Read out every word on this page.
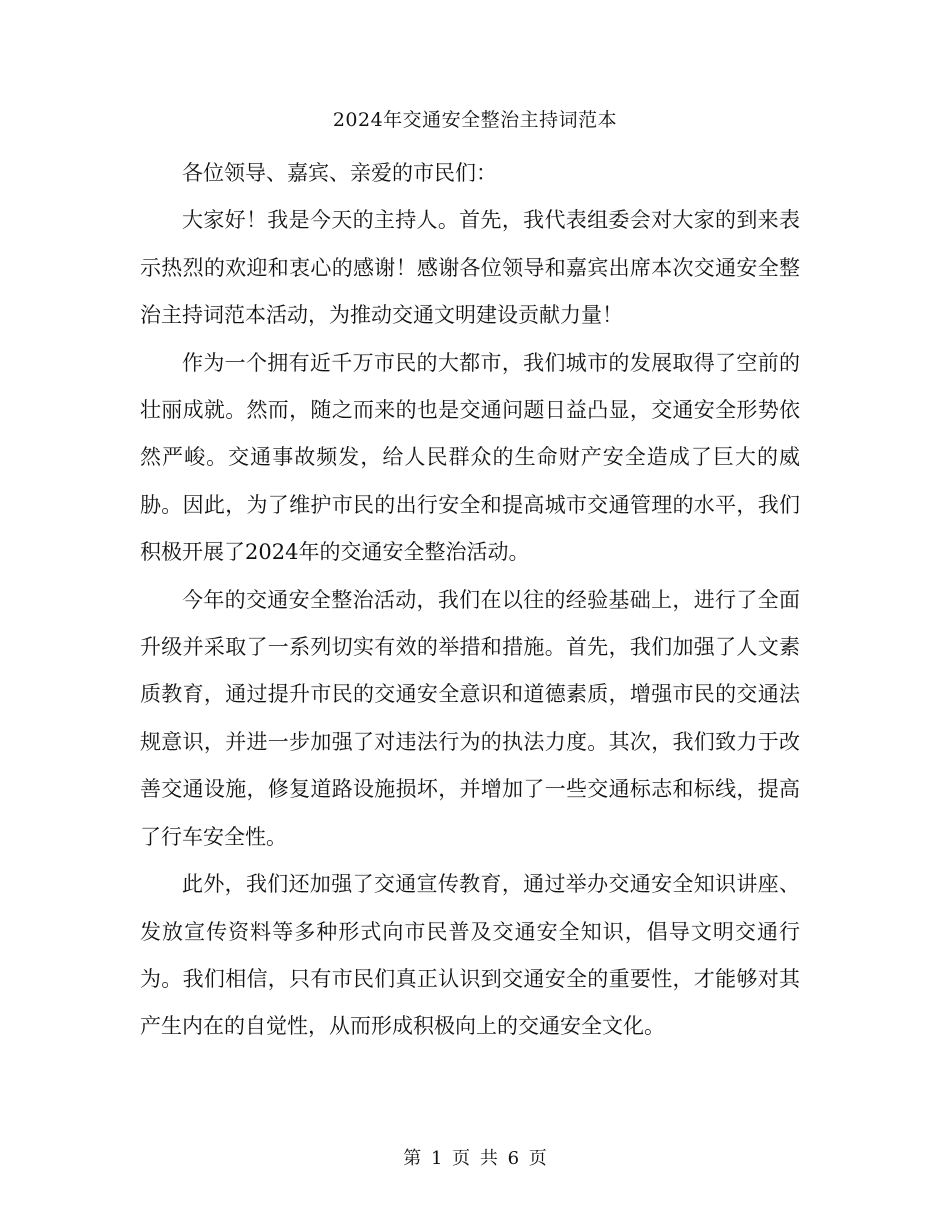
2024年交通安全整治主持词范本

各位领导、嘉宾、亲爱的市民们：

大家好！我是今天的主持人。首先，我代表组委会对大家的到来表示热烈的欢迎和衷心的感谢！感谢各位领导和嘉宾出席本次交通安全整治主持词范本活动，为推动交通文明建设贡献力量！

作为一个拥有近千万市民的大都市，我们城市的发展取得了空前的壮丽成就。然而，随之而来的也是交通问题日益凸显，交通安全形势依然严峻。交通事故频发，给人民群众的生命财产安全造成了巨大的威胁。因此，为了维护市民的出行安全和提高城市交通管理的水平，我们积极开展了2024年的交通安全整治活动。

今年的交通安全整治活动，我们在以往的经验基础上，进行了全面升级并采取了一系列切实有效的举措和措施。首先，我们加强了人文素质教育，通过提升市民的交通安全意识和道德素质，增强市民的交通法规意识，并进一步加强了对违法行为的执法力度。其次，我们致力于改善交通设施，修复道路设施损坏，并增加了一些交通标志和标线，提高了行车安全性。

此外，我们还加强了交通宣传教育，通过举办交通安全知识讲座、发放宣传资料等多种形式向市民普及交通安全知识，倡导文明交通行为。我们相信，只有市民们真正认识到交通安全的重要性，才能够对其产生内在的自觉性，从而形成积极向上的交通安全文化。

第 1 页 共 6 页
